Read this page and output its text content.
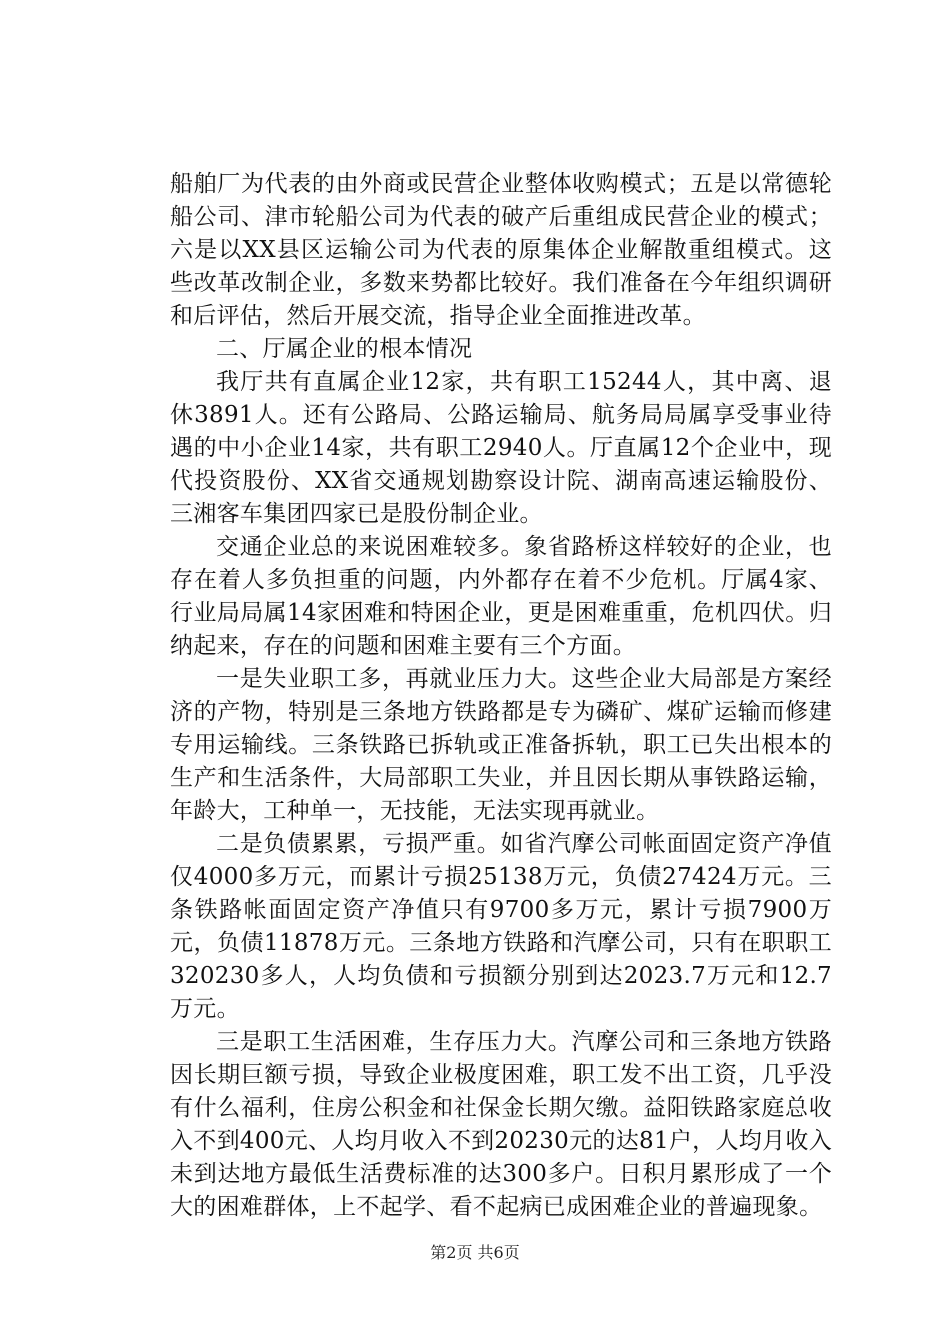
船舶厂为代表的由外商或民营企业整体收购模式；五是以常德轮船公司、津市轮船公司为代表的破产后重组成民营企业的模式；六是以XX县区运输公司为代表的原集体企业解散重组模式。这些改革改制企业，多数来势都比较好。我们准备在今年组织调研和后评估，然后开展交流，指导企业全面推进改革。

二、厅属企业的根本情况

我厅共有直属企业12家，共有职工15244人，其中离、退休3891人。还有公路局、公路运输局、航务局局属享受事业待遇的中小企业14家，共有职工2940人。厅直属12个企业中，现代投资股份、XX省交通规划勘察设计院、湖南高速运输股份、三湘客车集团四家已是股份制企业。

交通企业总的来说困难较多。象省路桥这样较好的企业，也存在着人多负担重的问题，内外都存在着不少危机。厅属4家、行业局局属14家困难和特困企业，更是困难重重，危机四伏。归纳起来，存在的问题和困难主要有三个方面。

一是失业职工多，再就业压力大。这些企业大局部是方案经济的产物，特别是三条地方铁路都是专为磷矿、煤矿运输而修建专用运输线。三条铁路已拆轨或正准备拆轨，职工已失出根本的生产和生活条件，大局部职工失业，并且因长期从事铁路运输，年龄大，工种单一，无技能，无法实现再就业。

二是负债累累，亏损严重。如省汽摩公司帐面固定资产净值仅4000多万元，而累计亏损25138万元，负债27424万元。三条铁路帐面固定资产净值只有9700多万元，累计亏损7900万元，负债11878万元。三条地方铁路和汽摩公司，只有在职职工320230多人，人均负债和亏损额分别到达2023.7万元和12.7万元。

三是职工生活困难，生存压力大。汽摩公司和三条地方铁路因长期巨额亏损，导致企业极度困难，职工发不出工资，几乎没有什么福利，住房公积金和社保金长期欠缴。益阳铁路家庭总收入不到400元、人均月收入不到20230元的达81户，人均月收入未到达地方最低生活费标准的达300多户。日积月累形成了一个大的困难群体，上不起学、看不起病已成困难企业的普遍现象。

第2页 共6页
